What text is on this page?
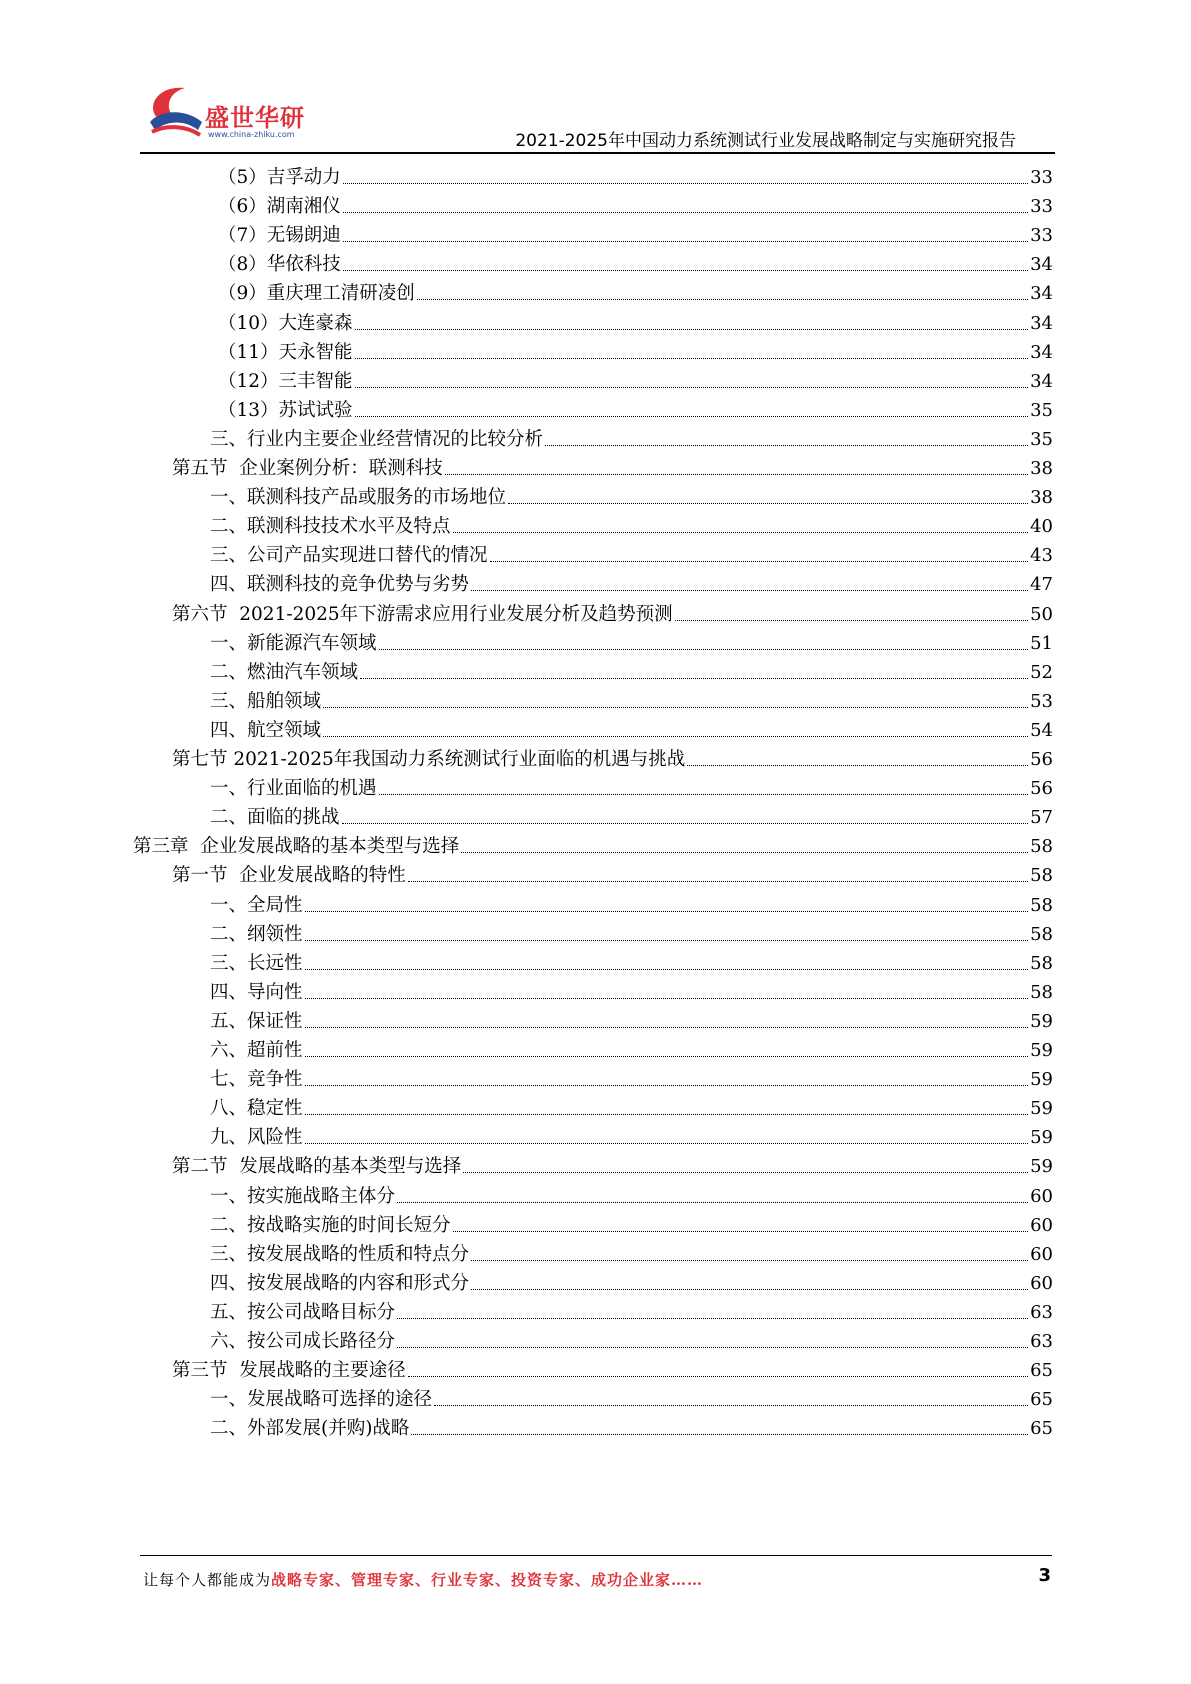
盛世华研
www.china-zhiku.com	2021-2025年中国动力系统测试行业发展战略制定与实施研究报告
（5）吉孚动力	33
（6）湖南湘仪	33
（7）无锡朗迪	33
（8）华依科技	34
（9）重庆理工清研凌创	34
（10）大连豪森	34
（11）天永智能	34
（12）三丰智能	34
（13）苏试试验	35
三、行业内主要企业经营情况的比较分析	35
第五节  企业案例分析：联测科技	38
一、联测科技产品或服务的市场地位	38
二、联测科技技术水平及特点	40
三、公司产品实现进口替代的情况	43
四、联测科技的竞争优势与劣势	47
第六节  2021-2025年下游需求应用行业发展分析及趋势预测	50
一、新能源汽车领域	51
二、燃油汽车领域	52
三、船舶领域	53
四、航空领域	54
第七节 2021-2025年我国动力系统测试行业面临的机遇与挑战	56
一、行业面临的机遇	56
二、面临的挑战	57
第三章  企业发展战略的基本类型与选择	58
第一节  企业发展战略的特性	58
一、全局性	58
二、纲领性	58
三、长远性	58
四、导向性	58
五、保证性	59
六、超前性	59
七、竞争性	59
八、稳定性	59
九、风险性	59
第二节  发展战略的基本类型与选择	59
一、按实施战略主体分	60
二、按战略实施的时间长短分	60
三、按发展战略的性质和特点分	60
四、按发展战略的内容和形式分	60
五、按公司战略目标分	63
六、按公司成长路径分	63
第三节  发展战略的主要途径	65
一、发展战略可选择的途径	65
二、外部发展(并购)战略	65
让每个人都能成为战略专家、管理专家、行业专家、投资专家、成功企业家……	3
